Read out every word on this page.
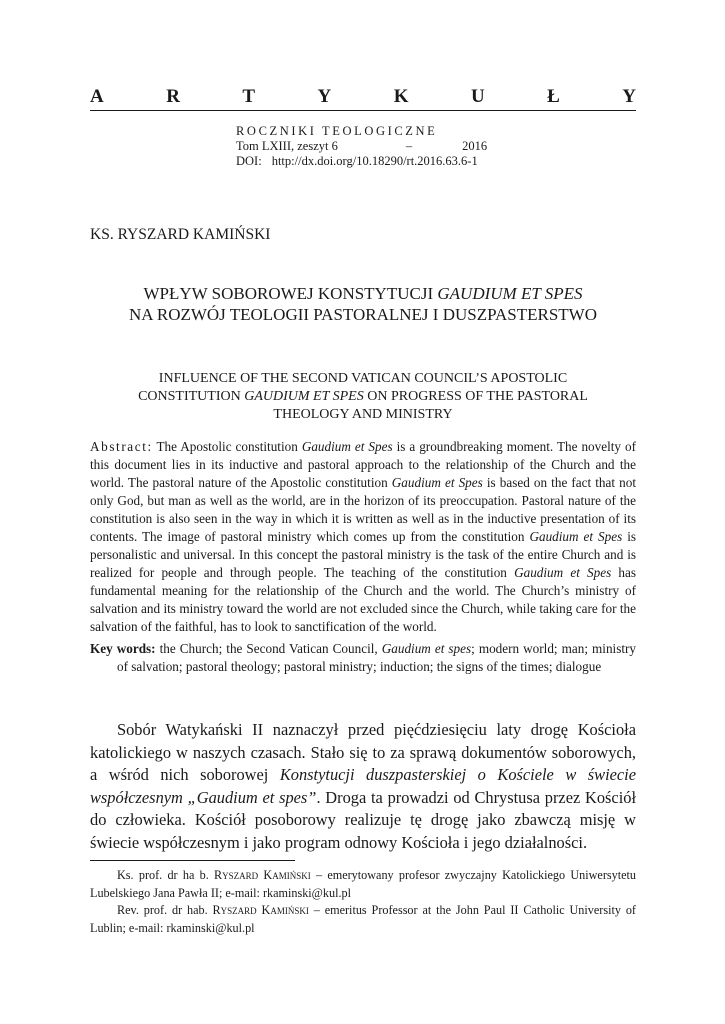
A	R	T	Y	K	U	Ł	Y
ROCZNIKI TEOLOGICZNE
Tom LXIII, zeszyt 6	–	2016
DOI: http://dx.doi.org/10.18290/rt.2016.63.6-1
KS. RYSZARD KAMIŃSKI
WPŁYW SOBOROWEJ KONSTYTUCJI GAUDIUM ET SPES
NA ROZWÓJ TEOLOGII PASTORALNEJ I DUSZPASTERSTWO
INFLUENCE OF THE SECOND VATICAN COUNCIL’S APOSTOLIC
CONSTITUTION GAUDIUM ET SPES ON PROGRESS OF THE PASTORAL
THEOLOGY AND MINISTRY
Abstract: The Apostolic constitution Gaudium et Spes is a groundbreaking moment. The novelty of this document lies in its inductive and pastoral approach to the relationship of the Church and the world. The pastoral nature of the Apostolic constitution Gaudium et Spes is based on the fact that not only God, but man as well as the world, are in the horizon of its preoccupation. Pastoral nature of the constitution is also seen in the way in which it is written as well as in the inductive presentation of its contents. The image of pastoral ministry which comes up from the constitution Gaudium et Spes is personalistic and universal. In this concept the pastoral ministry is the task of the entire Church and is realized for people and through people. The teaching of the constitution Gaudium et Spes has fundamental meaning for the relationship of the Church and the world. The Church’s ministry of salvation and its ministry toward the world are not excluded since the Church, while taking care for the salvation of the faithful, has to look to sanctification of the world.
Key words: the Church; the Second Vatican Council, Gaudium et spes; modern world; man; ministry of salvation; pastoral theology; pastoral ministry; induction; the signs of the times; dialogue
Sobór Watykański II naznaczył przed pięćdziesięciu laty drogę Kościoła katolickiego w naszych czasach. Stało się to za sprawą dokumentów soborowych, a wśród nich soborowej Konstytucji duszpasterskiej o Kościele w świecie współczesnym „Gaudium et spes”. Droga ta prowadzi od Chrystusa przez Kościół do człowieka. Kościół posoborowy realizuje tę drogę jako zbawczą misję w świecie współczesnym i jako program odnowy Kościoła i jego działalności.

Ks. prof. dr ha b. Ryszard Kamiński – emerytowany profesor zwyczajny Katolickiego Uniwersytetu Lubelskiego Jana Pawła II; e-mail: rkaminski@kul.pl

Rev. prof. dr hab. Ryszard Kamiński – emeritus Professor at the John Paul II Catholic University of Lublin; e-mail: rkaminski@kul.pl
